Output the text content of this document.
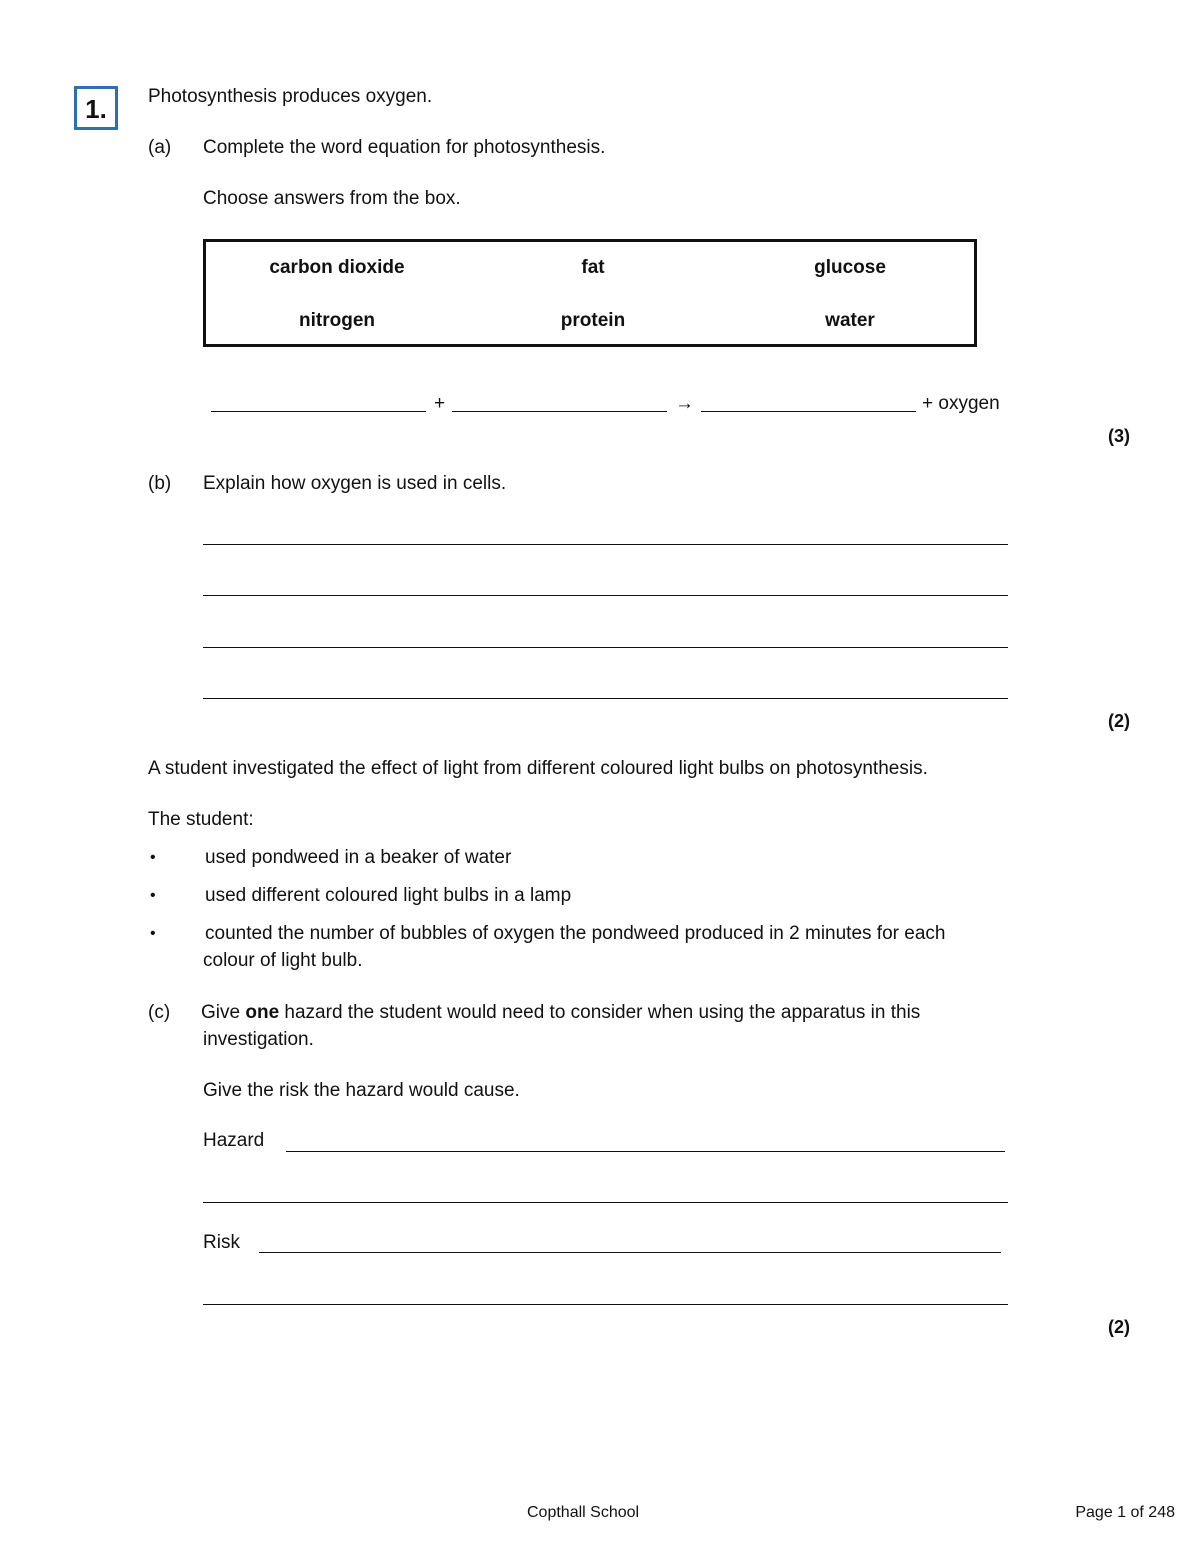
1.	Photosynthesis produces oxygen.
(a) Complete the word equation for photosynthesis.
Choose answers from the box.
carbon dioxide	fat	glucose
nitrogen	protein	water
+	→	+ oxygen
(3)
(b) Explain how oxygen is used in cells.
(2)
A student investigated the effect of light from different coloured light bulbs on photosynthesis.
The student:
•	used pondweed in a beaker of water
•	used different coloured light bulbs in a lamp
•	counted the number of bubbles of oxygen the pondweed produced in 2 minutes for each
colour of light bulb.
(c) Give one hazard the student would need to consider when using the apparatus in this
investigation.
Give the risk the hazard would cause.
Hazard
Risk
(2)
Copthall School	Page 1 of 248
